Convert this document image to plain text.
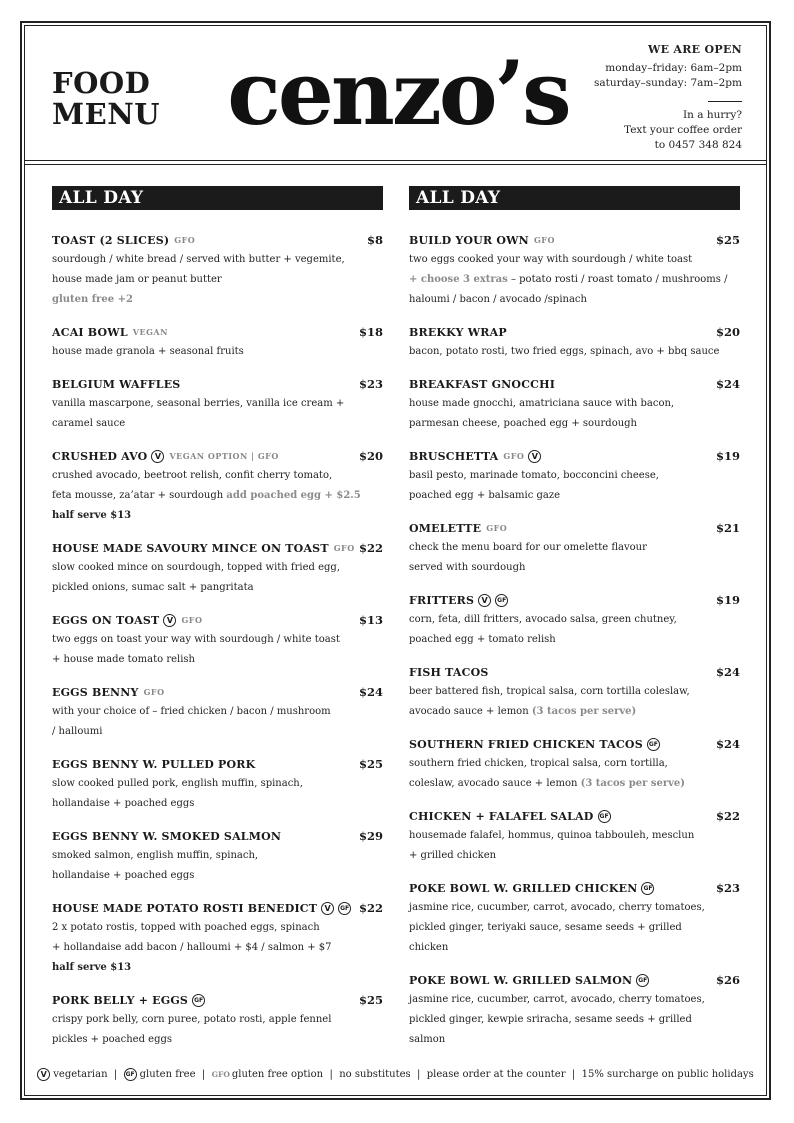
FOOD
MENU cenzo’s	WE ARE OPEN
monday–friday: 6am–2pm
saturday–sunday: 7am–2pm
In a hurry?
Text your coffee order
to 0457 348 824
ALL DAY
TOAST (2 SLICES) GFO	$8
sourdough / white bread / served with butter + vegemite,
house made jam or peanut butter
gluten free +2
ACAI BOWL VEGAN	$18
house made granola + seasonal fruits
BELGIUM WAFFLES	$23
vanilla mascarpone, seasonal berries, vanilla ice cream +
caramel sauce
CRUSHED AVO V	VEGAN OPTION | GFO	$20
crushed avocado, beetroot relish, confit cherry tomato,
feta mousse, za’atar + sourdough add poached egg + $2.5
half serve $13
HOUSE MADE SAVOURY MINCE ON TOAST GFO $22
slow cooked mince on sourdough, topped with fried egg,
pickled onions, sumac salt + pangritata
EGGS ON TOAST V	GFO	$13
two eggs on toast your way with sourdough / white toast
+ house made tomato relish
EGGS BENNY GFO	$24
with your choice of – fried chicken / bacon / mushroom
/ halloumi
EGGS BENNY W. PULLED PORK	$25
slow cooked pulled pork, english muffin, spinach,
hollandaise + poached eggs
EGGS BENNY W. SMOKED SALMON	$29
smoked salmon, english muffin, spinach,
hollandaise + poached eggs
HOUSE MADE POTATO ROSTI BENEDICT V	GF $22
2 x potato rostis, topped with poached eggs, spinach
+ hollandaise add bacon / halloumi + $4 / salmon + $7
half serve $13
PORK BELLY + EGGS GF	$25
crispy pork belly, corn puree, potato rosti, apple fennel
pickles + poached eggs
ALL DAY
BUILD YOUR OWN GFO	$25
two eggs cooked your way with sourdough / white toast
+ choose 3 extras – potato rosti / roast tomato / mushrooms /
haloumi / bacon / avocado /spinach
BREKKY WRAP	$20
bacon, potato rosti, two fried eggs, spinach, avo + bbq sauce
BREAKFAST GNOCCHI	$24
house made gnocchi, amatriciana sauce with bacon,
parmesan cheese, poached egg + sourdough
BRUSCHETTA GFO V	$19
basil pesto, marinade tomato, bocconcini cheese,
poached egg + balsamic gaze
OMELETTE GFO	$21
check the menu board for our omelette flavour
served with sourdough
FRITTERS V	GF	$19
corn, feta, dill fritters, avocado salsa, green chutney,
poached egg + tomato relish
FISH TACOS	$24
beer battered fish, tropical salsa, corn tortilla coleslaw,
avocado sauce + lemon (3 tacos per serve)
SOUTHERN FRIED CHICKEN TACOS GF	$24
southern fried chicken, tropical salsa, corn tortilla,
coleslaw, avocado sauce + lemon (3 tacos per serve)
CHICKEN + FALAFEL SALAD GF	$22
housemade falafel, hommus, quinoa tabbouleh, mesclun
+ grilled chicken
POKE BOWL W. GRILLED CHICKEN GF	$23
jasmine rice, cucumber, carrot, avocado, cherry tomatoes,
pickled ginger, teriyaki sauce, sesame seeds + grilled
chicken
POKE BOWL W. GRILLED SALMON GF	$26
jasmine rice, cucumber, carrot, avocado, cherry tomatoes,
pickled ginger, kewpie sriracha, sesame seeds + grilled
salmon
V vegetarian  |  GF gluten free  |  GFO gluten free option  |  no substitutes  |  please order at the counter  |  15% surcharge on public holidays
